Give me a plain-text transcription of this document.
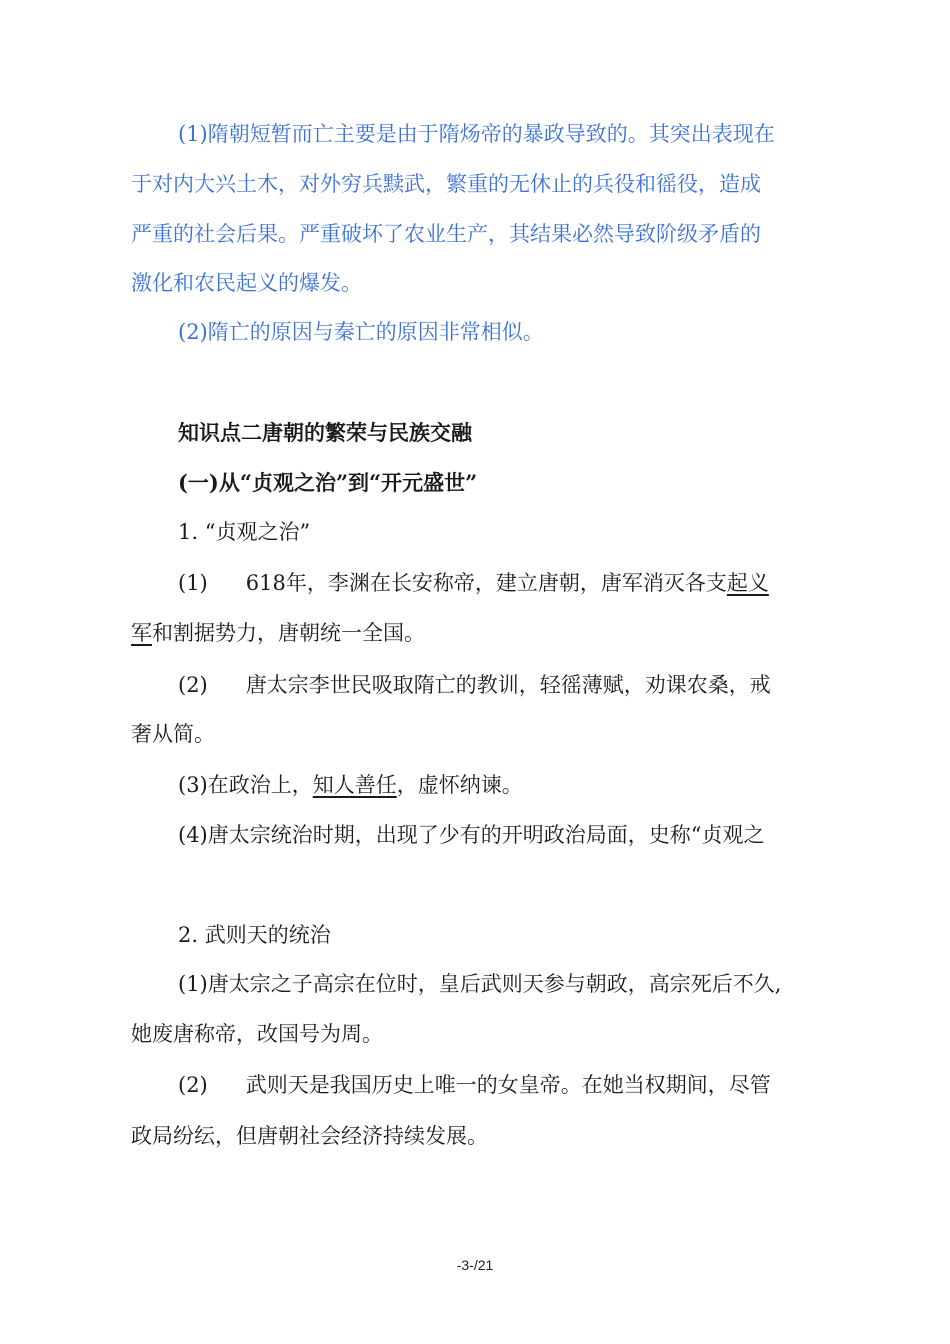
(1)隋朝短暂而亡主要是由于隋炀帝的暴政导致的。其突出表现在
于对内大兴土木，对外穷兵黩武，繁重的无休止的兵役和徭役，造成
严重的社会后果。严重破坏了农业生产，其结果必然导致阶级矛盾的
激化和农民起义的爆发。
(2)隋亡的原因与秦亡的原因非常相似。
知识点二唐朝的繁荣与民族交融
(一)从“贞观之治”到“开元盛世”
1. “贞观之治”
(1) 618年，李渊在长安称帝，建立唐朝，唐军消灭各支起义
军和割据势力，唐朝统一全国。
(2) 唐太宗李世民吸取隋亡的教训，轻徭薄赋，劝课农桑，戒
奢从简。
(3)在政治上，知人善任，虚怀纳谏。
(4)唐太宗统治时期，出现了少有的开明政治局面，史称“贞观之
2. 武则天的统治
(1)唐太宗之子高宗在位时，皇后武则天参与朝政，高宗死后不久,
她废唐称帝，改国号为周。
(2) 武则天是我国历史上唯一的女皇帝。在她当权期间，尽管
政局纷纭，但唐朝社会经济持续发展。
-3-/21
